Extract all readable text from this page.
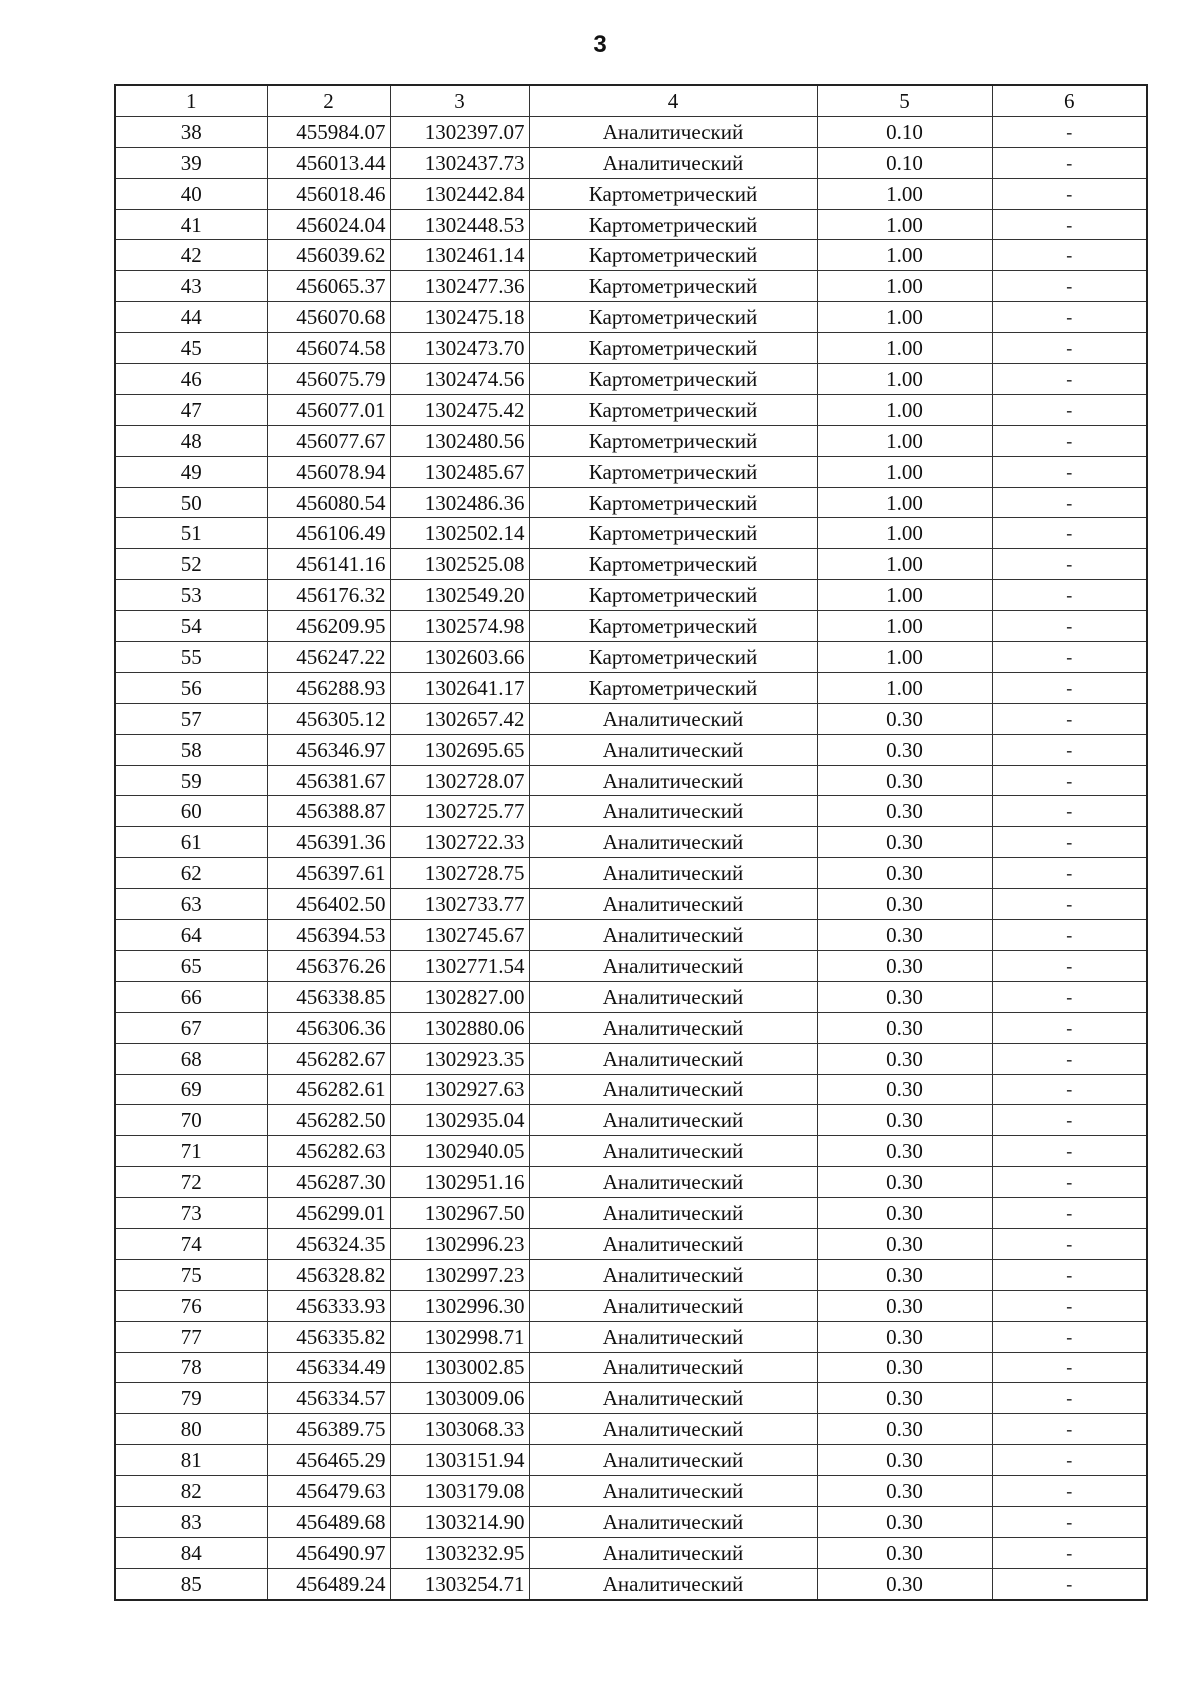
3
1	2	3	4	5	6
38	455984.07	1302397.07	Аналитический	0.10	-
39	456013.44	1302437.73	Аналитический	0.10	-
40	456018.46	1302442.84	Картометрический	1.00	-
41	456024.04	1302448.53	Картометрический	1.00	-
42	456039.62	1302461.14	Картометрический	1.00	-
43	456065.37	1302477.36	Картометрический	1.00	-
44	456070.68	1302475.18	Картометрический	1.00	-
45	456074.58	1302473.70	Картометрический	1.00	-
46	456075.79	1302474.56	Картометрический	1.00	-
47	456077.01	1302475.42	Картометрический	1.00	-
48	456077.67	1302480.56	Картометрический	1.00	-
49	456078.94	1302485.67	Картометрический	1.00	-
50	456080.54	1302486.36	Картометрический	1.00	-
51	456106.49	1302502.14	Картометрический	1.00	-
52	456141.16	1302525.08	Картометрический	1.00	-
53	456176.32	1302549.20	Картометрический	1.00	-
54	456209.95	1302574.98	Картометрический	1.00	-
55	456247.22	1302603.66	Картометрический	1.00	-
56	456288.93	1302641.17	Картометрический	1.00	-
57	456305.12	1302657.42	Аналитический	0.30	-
58	456346.97	1302695.65	Аналитический	0.30	-
59	456381.67	1302728.07	Аналитический	0.30	-
60	456388.87	1302725.77	Аналитический	0.30	-
61	456391.36	1302722.33	Аналитический	0.30	-
62	456397.61	1302728.75	Аналитический	0.30	-
63	456402.50	1302733.77	Аналитический	0.30	-
64	456394.53	1302745.67	Аналитический	0.30	-
65	456376.26	1302771.54	Аналитический	0.30	-
66	456338.85	1302827.00	Аналитический	0.30	-
67	456306.36	1302880.06	Аналитический	0.30	-
68	456282.67	1302923.35	Аналитический	0.30	-
69	456282.61	1302927.63	Аналитический	0.30	-
70	456282.50	1302935.04	Аналитический	0.30	-
71	456282.63	1302940.05	Аналитический	0.30	-
72	456287.30	1302951.16	Аналитический	0.30	-
73	456299.01	1302967.50	Аналитический	0.30	-
74	456324.35	1302996.23	Аналитический	0.30	-
75	456328.82	1302997.23	Аналитический	0.30	-
76	456333.93	1302996.30	Аналитический	0.30	-
77	456335.82	1302998.71	Аналитический	0.30	-
78	456334.49	1303002.85	Аналитический	0.30	-
79	456334.57	1303009.06	Аналитический	0.30	-
80	456389.75	1303068.33	Аналитический	0.30	-
81	456465.29	1303151.94	Аналитический	0.30	-
82	456479.63	1303179.08	Аналитический	0.30	-
83	456489.68	1303214.90	Аналитический	0.30	-
84	456490.97	1303232.95	Аналитический	0.30	-
85	456489.24	1303254.71	Аналитический	0.30	-
